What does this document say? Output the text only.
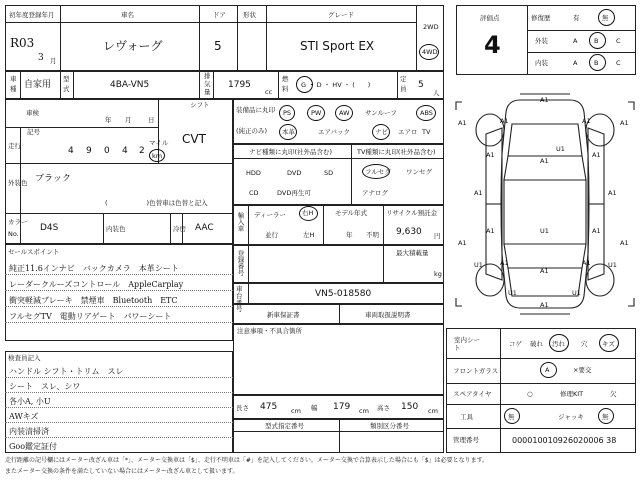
初年度登録年月	車名	ドア	形状	グレード
R03
3 月
レヴォーグ	5	STI Sport EX
2WD
4WD
車
種 自家用
型
式	4BA-VN5
排
気
量
1795
cc
燃
料 G ・ D ・ HV ・ (　　)
定
員 5
人
車検
年 月	日
シフト
CVT
走行
記号
4 9 0 4 2
マイル
km
外装色 ブラック
(　　　　　　)色替車は色替と記入
カラー
No.
D4S	内装色	冷房 AAC
セールスポイント
純正11.6インナビ　バックカメラ　本革シート
レーダークルーズコントロール　AppleCarplay
衝突軽減ブレーキ　禁煙車　Bluetooth　ETC
フルセグTV　電動リアゲート　パワーシート
検査員記入
ハンドル シフト・トリム　スレ
シート　スレ、シワ
各小A, 小U
AWキズ
内装清掃済
Goo鑑定証付
装備品に丸印
(純正のみ)
PS	PW	AW サンルーフ	ABS
本革	エアバック	ナビ エアロ TV
ナビ種類に丸印(社外品含む)	TV種類に丸印(社外品含む)
HDD	DVD	SD
CD	DVD再生可
フルセグ ワンセグ
アナログ
輸入車 ディーラー 右H
並行	左H
モデル年式
年 不明
リサイクル預託金
9,630 円
登録番号	最大積載量
kg
車台番号
VN5-018580
新車保証書	車両取扱説明書
注意事項・不具合箇所
長さ 475 cm 幅 179 cm 高さ 150 cm
型式指定番号	類別区分番号
評価点
4
修復歴	有	無
外装	A	B	C
内装	A	B	C
A1
A1	A1
A1	A1
A1
A1	A1
A1	A1
A1
A1	A1
A1	A1
A1	A1
A1
U1
U1	U1
U1	U1
U1
室内シート
コゲ 破れ 汚れ 穴 キズ
フロントガラス	A	×要交
スペアタイヤ	○	修理KIT	欠
工具	無	ジャッキ	無
管理番号	000010010926020006 38
走行距離の記号欄にはメーター改ざん車は「*」、メーター交換車は「$」、走行不明車は「#」を記入してください。メーター交換で合算表示した場合にも「$」は必要となります。
またメーター交換の条件を満たしていない場合にはメーター改ざん車として扱います。
